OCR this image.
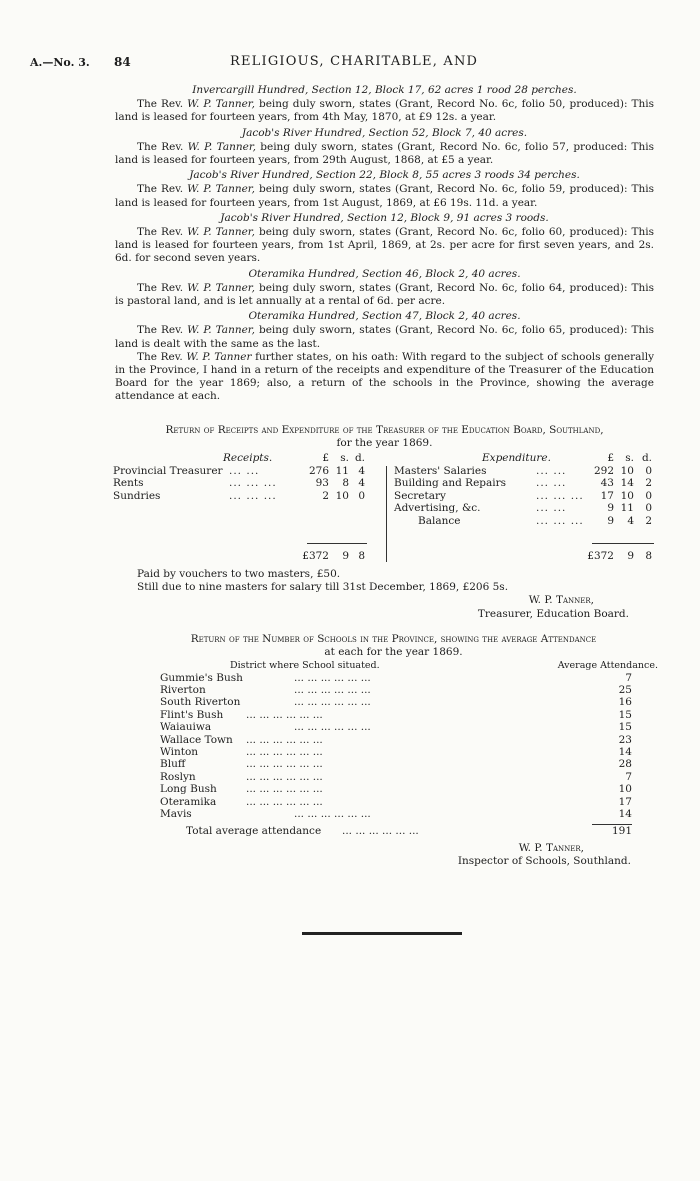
A.—No. 3. 84	RELIGIOUS, CHARITABLE, AND
Invercargill Hundred, Section 12, Block 17, 62 acres 1 rood 28 perches.

The Rev. W. P. Tanner, being duly sworn, states (Grant, Record No. 6c, folio 50, produced): This land is leased for fourteen years, from 4th May, 1870, at £9 12s. a year.

Jacob's River Hundred, Section 52, Block 7, 40 acres.

The Rev. W. P. Tanner, being duly sworn, states (Grant, Record No. 6c, folio 57, produced: This land is leased for fourteen years, from 29th August, 1868, at £5 a year.

Jacob's River Hundred, Section 22, Block 8, 55 acres 3 roods 34 perches.

The Rev. W. P. Tanner, being duly sworn, states (Grant, Record No. 6c, folio 59, produced): This land is leased for fourteen years, from 1st August, 1869, at £6 19s. 11d. a year.

Jacob's River Hundred, Section 12, Block 9, 91 acres 3 roods.

The Rev. W. P. Tanner, being duly sworn, states (Grant, Record No. 6c, folio 60, produced): This land is leased for fourteen years, from 1st April, 1869, at 2s. per acre for first seven years, and 2s. 6d. for second seven years.

Oteramika Hundred, Section 46, Block 2, 40 acres.

The Rev. W. P. Tanner, being duly sworn, states (Grant, Record No. 6c, folio 64, produced): This is pastoral land, and is let annually at a rental of 6d. per acre.

Oteramika Hundred, Section 47, Block 2, 40 acres.

The Rev. W. P. Tanner, being duly sworn, states (Grant, Record No. 6c, folio 65, produced): This land is dealt with the same as the last.

The Rev. W. P. Tanner further states, on his oath: With regard to the subject of schools generally in the Province, I hand in a return of the receipts and expenditure of the Treasurer of the Education Board for the year 1869; also, a return of the schools in the Province, showing the average attendance at each.

Return of Receipts and Expenditure of the Treasurer of the Education Board, Southland,
for the year 1869.
Receipts.	£	s. d.
Provincial Treasurer ... ...	276 11 4
Rents	... ... ...	93	8 4
Sundries	... ... ...	2 10 0
£372	9 8
Expenditure.	£	s. d.
Masters' Salaries	... ...	292 10	0
Building and Repairs	... ...	43 14	2
Secretary	... ... ...	17 10	0
Advertising, &c.	... ...	9 11	0
Balance	... ... ...	9	4	2
£372	9	8
Paid by vouchers to two masters, £50.
Still due to nine masters for salary till 31st December, 1869, £206 5s.
W. P. Tanner,
Treasurer, Education Board.
Return of the Number of Schools in the Province, showing the average Attendance
at each for the year 1869.
District where School situated.	Average Attendance.
Gummie's Bush	... ... ... ... ... ...	7
Riverton	... ... ... ... ... ...	25
South Riverton	... ... ... ... ... ...	16
Flint's Bush ... ... ... ... ... ...	15
Waiauiwa	... ... ... ... ... ...	15
Wallace Town ... ... ... ... ... ...	23
Winton	... ... ... ... ... ...	14
Bluff	... ... ... ... ... ...	28
Roslyn	... ... ... ... ... ...	7
Long Bush	... ... ... ... ... ...	10
Oteramika	... ... ... ... ... ...	17
Mavis	... ... ... ... ... ...	14
Total average attendance ... ... ... ... ... ...	191
W. P. Tanner,
Inspector of Schools, Southland.
